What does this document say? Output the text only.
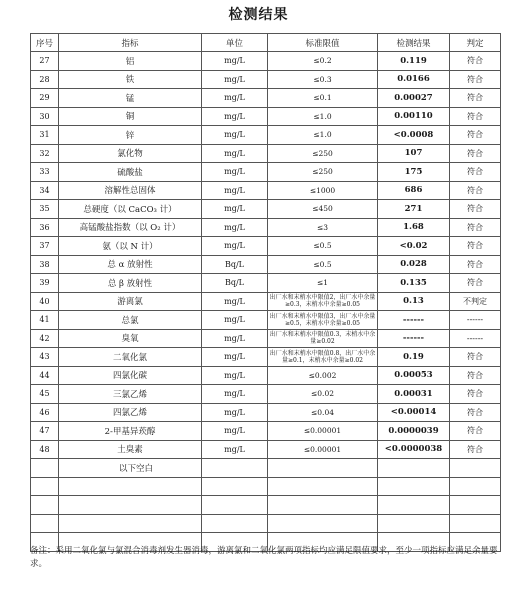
检测结果
序号	指标	单位	标准限值	检测结果	判定
27	铝	mg/L	≤0.2	0.119	符合
28	铁	mg/L	≤0.3	0.0166	符合
29	锰	mg/L	≤0.1	0.00027	符合
30	铜	mg/L	≤1.0	0.00110	符合
31	锌	mg/L	≤1.0	<0.0008	符合
32	氯化物	mg/L	≤250	107	符合
33	硫酸盐	mg/L	≤250	175	符合
34	溶解性总固体	mg/L	≤1000	686	符合
35	总硬度（以 CaCO₃ 计）	mg/L	≤450	271	符合
36	高锰酸盐指数（以 O₂ 计）	mg/L	≤3	1.68	符合
37	氨（以 N 计）	mg/L	≤0.5	<0.02	符合
38	总 α 放射性	Bq/L	≤0.5	0.028	符合
39	总 β 放射性	Bq/L	≤1	0.135	符合
40	游离氯	mg/L	出厂水和末梢水中限值2，出厂水中余量≥0.3，末梢水中余量≥0.05	0.13	不判定
41	总氯	mg/L	出厂水和末梢水中限值3，出厂水中余量≥0.5，末梢水中余量≥0.05	------	------
42	臭氧	mg/L	出厂水和末梢水中限值0.3，末梢水中余量≥0.02	------	------
43	二氧化氯	mg/L	出厂水和末梢水中限值0.8，出厂水中余量≥0.1，末梢水中余量≥0.02	0.19	符合
44	四氯化碳	mg/L	≤0.002	0.00053	符合
45	三氯乙烯	mg/L	≤0.02	0.00031	符合
46	四氯乙烯	mg/L	≤0.04	<0.00014	符合
47	2-甲基异莰醇	mg/L	≤0.00001	0.0000039	符合
48	土臭素	mg/L	≤0.00001	<0.0000038	符合
	以下空白				

备注：采用二氧化氯与氯混合消毒剂发生器消毒，游离氯和二氧化氯两项指标均应满足限值要求，至少一项指标应满足余量要求。
